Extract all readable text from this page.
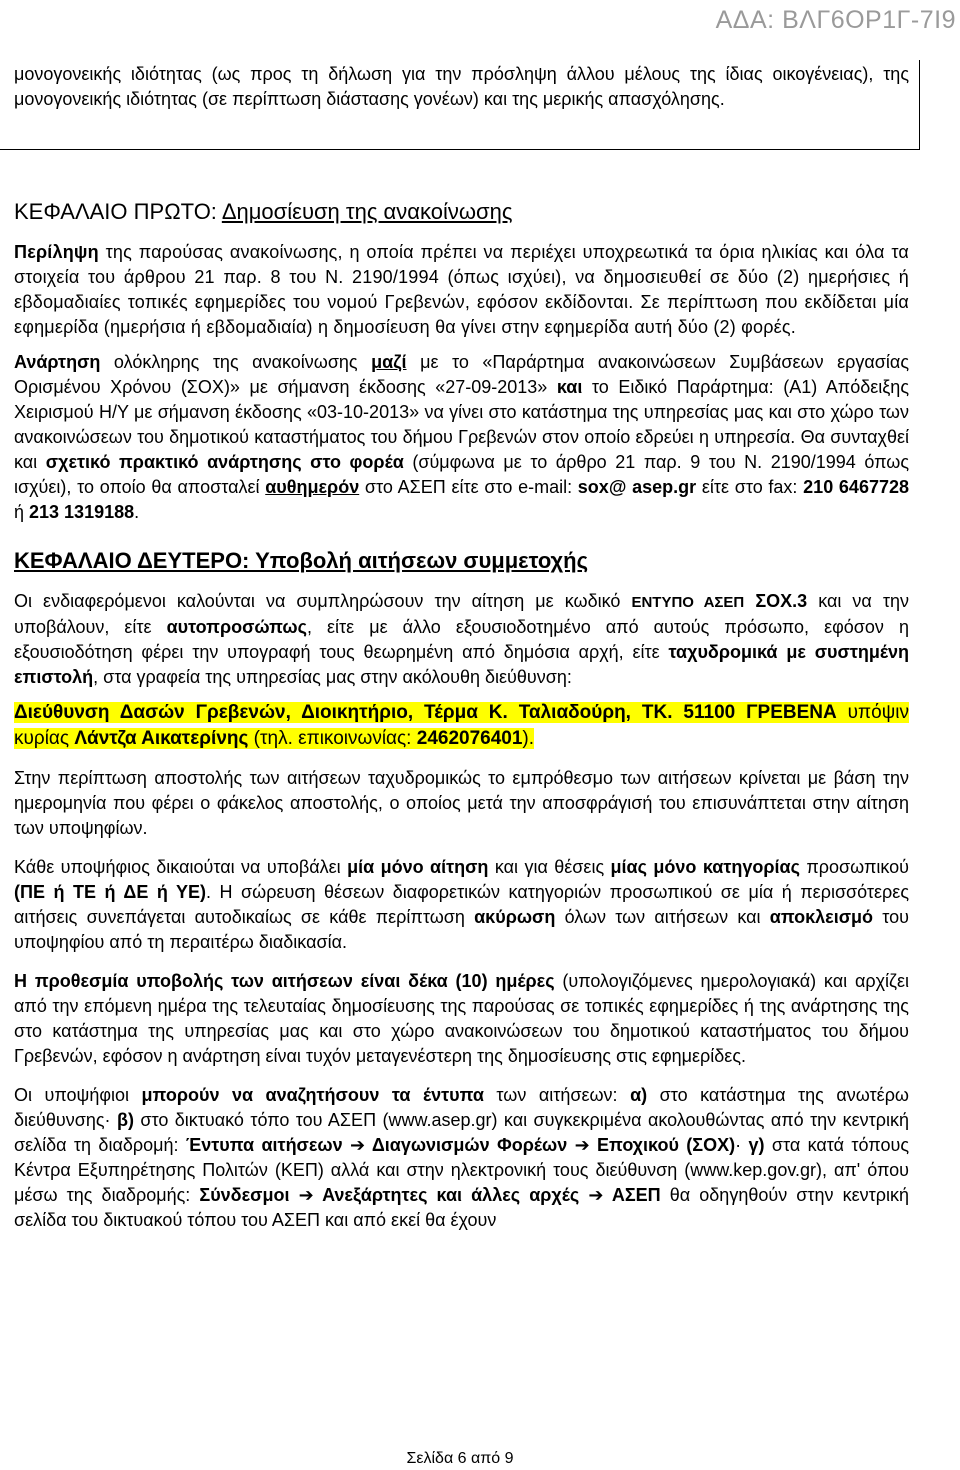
ΑΔΑ: ΒΛΓ6ΟΡ1Γ-7Ι9

μονογονεικής ιδιότητας (ως προς τη δήλωση για την πρόσληψη άλλου μέλους της ίδιας οικογένειας), της μονογονεικής ιδιότητας (σε περίπτωση διάστασης γονέων) και της μερικής απασχόλησης.

ΚΕΦΑΛΑΙΟ ΠΡΩΤΟ: Δημοσίευση της ανακοίνωσης

Περίληψη της παρούσας ανακοίνωσης, η οποία πρέπει να περιέχει υποχρεωτικά τα όρια ηλικίας και όλα τα στοιχεία του άρθρου 21 παρ. 8 του Ν. 2190/1994 (όπως ισχύει), να δημοσιευθεί σε δύο (2) ημερήσιες ή εβδομαδιαίες τοπικές εφημερίδες του νομού Γρεβενών, εφόσον εκδίδονται. Σε περίπτωση που εκδίδεται μία εφημερίδα (ημερήσια ή εβδομαδιαία) η δημοσίευση θα γίνει στην εφημερίδα αυτή δύο (2) φορές.

Ανάρτηση ολόκληρης της ανακοίνωσης μαζί με το «Παράρτημα ανακοινώσεων Συμβάσεων εργασίας Ορισμένου Χρόνου (ΣΟΧ)» με σήμανση έκδοσης «27-09-2013» και το Ειδικό Παράρτημα: (Α1) Απόδειξης Χειρισμού Η/Υ με σήμανση έκδοσης «03-10-2013» να γίνει στο κατάστημα της υπηρεσίας μας και στο χώρο των ανακοινώσεων του δημοτικού καταστήματος του δήμου Γρεβενών στον οποίο εδρεύει η υπηρεσία. Θα συνταχθεί και σχετικό πρακτικό ανάρτησης στο φορέα (σύμφωνα με το άρθρο 21 παρ. 9 του Ν. 2190/1994 όπως ισχύει), το οποίο θα αποσταλεί αυθημερόν στο ΑΣΕΠ είτε στο e-mail: sox@ asep.gr είτε στο fax: 210 6467728 ή 213 1319188.

ΚΕΦΑΛΑΙΟ ΔΕΥΤΕΡΟ: Υποβολή αιτήσεων συμμετοχής

Οι ενδιαφερόμενοι καλούνται να συμπληρώσουν την αίτηση με κωδικό ΕΝΤΥΠΟ ΑΣΕΠ ΣΟΧ.3 και να την υποβάλουν, είτε αυτοπροσώπως, είτε με άλλο εξουσιοδοτημένο από αυτούς πρόσωπο, εφόσον η εξουσιοδότηση φέρει την υπογραφή τους θεωρημένη από δημόσια αρχή, είτε ταχυδρομικά με συστημένη επιστολή, στα γραφεία της υπηρεσίας μας στην ακόλουθη διεύθυνση:

Διεύθυνση Δασών Γρεβενών, Διοικητήριο, Τέρμα Κ. Ταλιαδούρη, ΤΚ. 51100 ΓΡΕΒΕΝΑ υπόψιν κυρίας Λάντζα Αικατερίνης (τηλ. επικοινωνίας: 2462076401).

Στην περίπτωση αποστολής των αιτήσεων ταχυδρομικώς το εμπρόθεσμο των αιτήσεων κρίνεται με βάση την ημερομηνία που φέρει ο φάκελος αποστολής, ο οποίος μετά την αποσφράγισή του επισυνάπτεται στην αίτηση των υποψηφίων.

Κάθε υποψήφιος δικαιούται να υποβάλει μία μόνο αίτηση και για θέσεις μίας μόνο κατηγορίας προσωπικού (ΠΕ ή ΤΕ ή ΔΕ ή ΥΕ). Η σώρευση θέσεων διαφορετικών κατηγοριών προσωπικού σε μία ή περισσότερες αιτήσεις συνεπάγεται αυτοδικαίως σε κάθε περίπτωση ακύρωση όλων των αιτήσεων και αποκλεισμό του υποψηφίου από τη περαιτέρω διαδικασία.

Η προθεσμία υποβολής των αιτήσεων είναι δέκα (10) ημέρες (υπολογιζόμενες ημερολογιακά) και αρχίζει από την επόμενη ημέρα της τελευταίας δημοσίευσης της παρούσας σε τοπικές εφημερίδες ή της ανάρτησης της στο κατάστημα της υπηρεσίας μας και στο χώρο ανακοινώσεων του δημοτικού καταστήματος του δήμου Γρεβενών, εφόσον η ανάρτηση είναι τυχόν μεταγενέστερη της δημοσίευσης στις εφημερίδες.

Οι υποψήφιοι μπορούν να αναζητήσουν τα έντυπα των αιτήσεων: α) στο κατάστημα της ανωτέρω διεύθυνσης· β) στο δικτυακό τόπο του ΑΣΕΠ (www.asep.gr) και συγκεκριμένα ακολουθώντας από την κεντρική σελίδα τη διαδρομή: Έντυπα αιτήσεων ➔ Διαγωνισμών Φορέων ➔ Εποχικού (ΣΟΧ)· γ) στα κατά τόπους Κέντρα Εξυπηρέτησης Πολιτών (ΚΕΠ) αλλά και στην ηλεκτρονική τους διεύθυνση (www.kep.gov.gr), απ' όπου μέσω της διαδρομής: Σύνδεσμοι ➔ Ανεξάρτητες και άλλες αρχές ➔ ΑΣΕΠ θα οδηγηθούν στην κεντρική σελίδα του δικτυακού τόπου του ΑΣΕΠ και από εκεί θα έχουν

Σελίδα 6 από 9
